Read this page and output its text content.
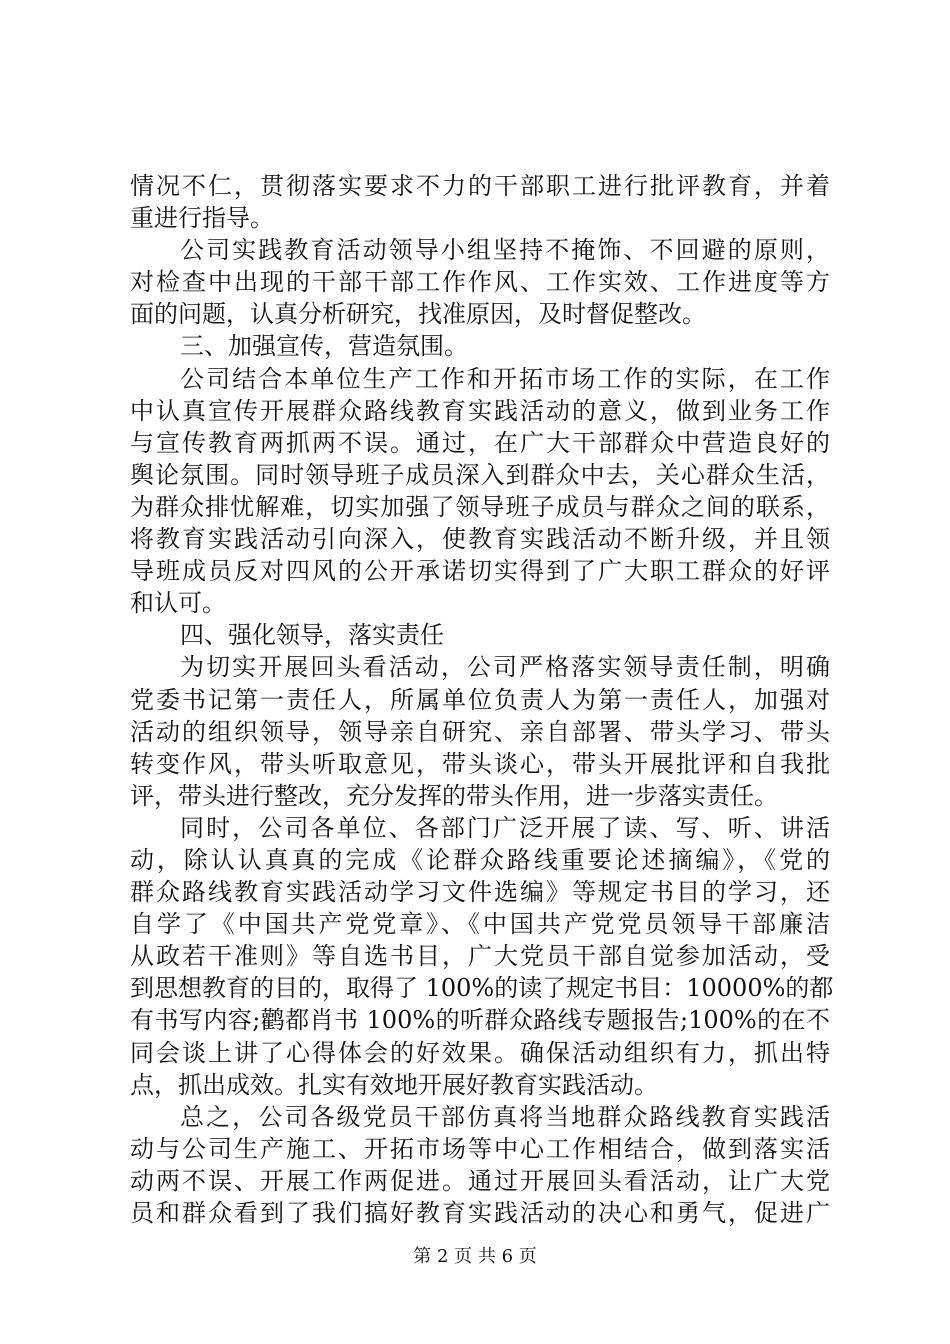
情况不仁，贯彻落实要求不力的干部职工进行批评教育，并着
重进行指导。
公司实践教育活动领导小组坚持不掩饰、不回避的原则，
对检查中出现的干部干部工作作风、工作实效、工作进度等方
面的问题，认真分析研究，找准原因，及时督促整改。
三、加强宣传，营造氛围。
公司结合本单位生产工作和开拓市场工作的实际，在工作
中认真宣传开展群众路线教育实践活动的意义，做到业务工作
与宣传教育两抓两不误。通过，在广大干部群众中营造良好的
舆论氛围。同时领导班子成员深入到群众中去，关心群众生活，
为群众排忧解难，切实加强了领导班子成员与群众之间的联系，
将教育实践活动引向深入，使教育实践活动不断升级，并且领
导班成员反对四风的公开承诺切实得到了广大职工群众的好评
和认可。
四、强化领导，落实责任
为切实开展回头看活动，公司严格落实领导责任制，明确
党委书记第一责任人，所属单位负责人为第一责任人，加强对
活动的组织领导，领导亲自研究、亲自部署、带头学习、带头
转变作风，带头听取意见，带头谈心，带头开展批评和自我批
评，带头进行整改，充分发挥的带头作用，进一步落实责任。
同时，公司各单位、各部门广泛开展了读、写、听、讲活
动，除认认真真的完成《论群众路线重要论述摘编》，《党的
群众路线教育实践活动学习文件选编》等规定书目的学习，还
自学了《中国共产党党章》、《中国共产党党员领导干部廉洁
从政若干准则》等自选书目，广大党员干部自觉参加活动，受
到思想教育的目的，取得了 100%的读了规定书目：10000%的都
有书写内容;鹳都肖书 100%的听群众路线专题报告;100%的在不
同会谈上讲了心得体会的好效果。确保活动组织有力，抓出特
点，抓出成效。扎实有效地开展好教育实践活动。
总之，公司各级党员干部仿真将当地群众路线教育实践活
动与公司生产施工、开拓市场等中心工作相结合，做到落实活
动两不误、开展工作两促进。通过开展回头看活动，让广大党
员和群众看到了我们搞好教育实践活动的决心和勇气，促进广
第 2 页 共 6 页
